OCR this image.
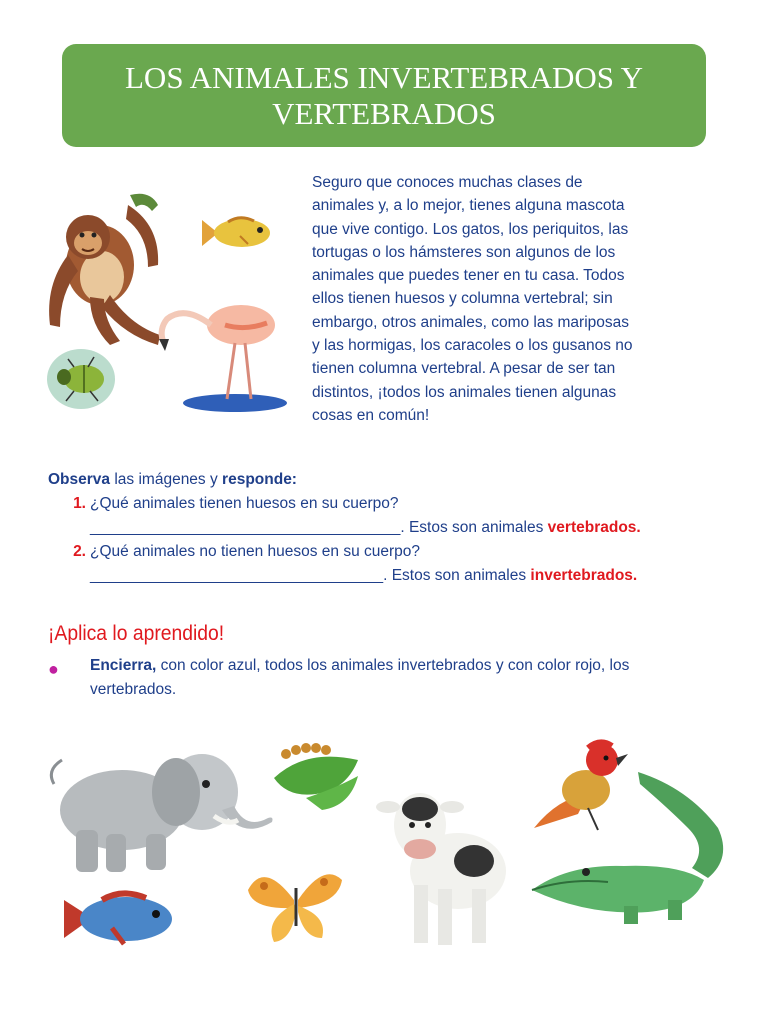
LOS ANIMALES INVERTEBRADOS Y
VERTEBRADOS
Seguro que conoces muchas clases de
animales y, a lo mejor, tienes alguna mascota
que vive contigo. Los gatos, los periquitos, las
tortugas o los hámsteres son algunos de los
animales que puedes tener en tu casa. Todos
ellos tienen huesos y columna vertebral; sin
embargo, otros animales, como las mariposas
y las hormigas, los caracoles o los gusanos no
tienen columna vertebral. A pesar de ser tan
distintos, ¡todos los animales tienen algunas
cosas en común!
Observa las imágenes y responde:
1. ¿Qué animales tienen huesos en su cuerpo?
____________________________________. Estos son animales vertebrados.
2. ¿Qué animales no tienen huesos en su cuerpo?
__________________________________. Estos son animales invertebrados.
¡Aplica lo aprendido!
● Encierra, con color azul, todos los animales invertebrados y con color rojo, los
vertebrados.
